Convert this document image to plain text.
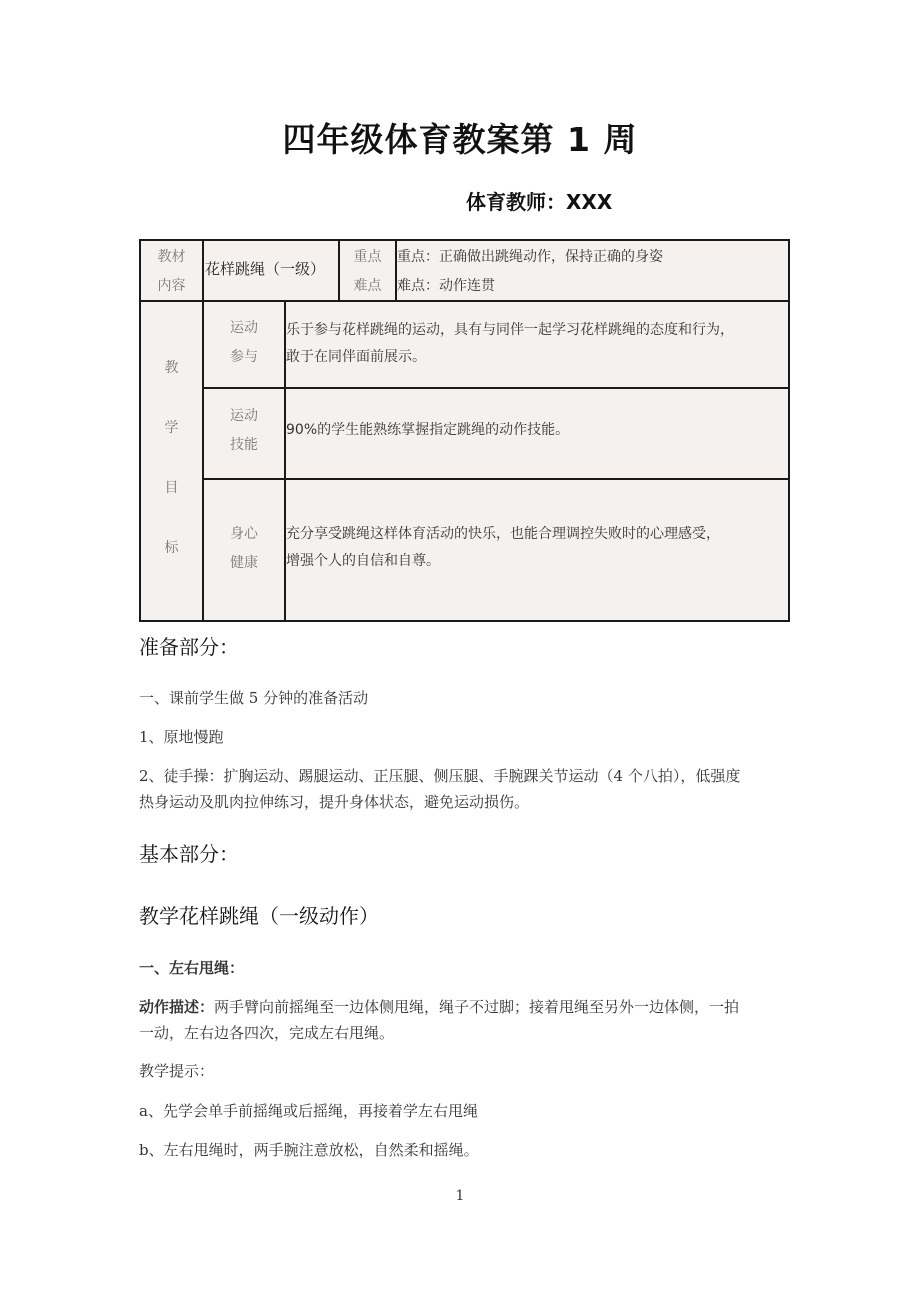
四年级体育教案第 1 周
体育教师：XXX
教材
内容
花样跳绳（一级）
重点
难点
重点：正确做出跳绳动作，保持正确的身姿
难点：动作连贯
教
学
目
标
运动
参与
乐于参与花样跳绳的运动，具有与同伴一起学习花样跳绳的态度和行为，
敢于在同伴面前展示。
运动
技能
90%的学生能熟练掌握指定跳绳的动作技能。
身心
健康
充分享受跳绳这样体育活动的快乐，也能合理调控失败时的心理感受，
增强个人的自信和自尊。
准备部分：
一、课前学生做 5 分钟的准备活动
1、原地慢跑
2、徒手操：扩胸运动、踢腿运动、正压腿、侧压腿、手腕踝关节运动（4 个八拍），低强度
热身运动及肌肉拉伸练习，提升身体状态，避免运动损伤。
基本部分：
教学花样跳绳（一级动作）
一、左右甩绳：
动作描述：两手臂向前摇绳至一边体侧甩绳，绳子不过脚；接着甩绳至另外一边体侧，一拍
一动，左右边各四次，完成左右甩绳。
教学提示：
a、先学会单手前摇绳或后摇绳，再接着学左右甩绳
b、左右甩绳时，两手腕注意放松，自然柔和摇绳。
1
